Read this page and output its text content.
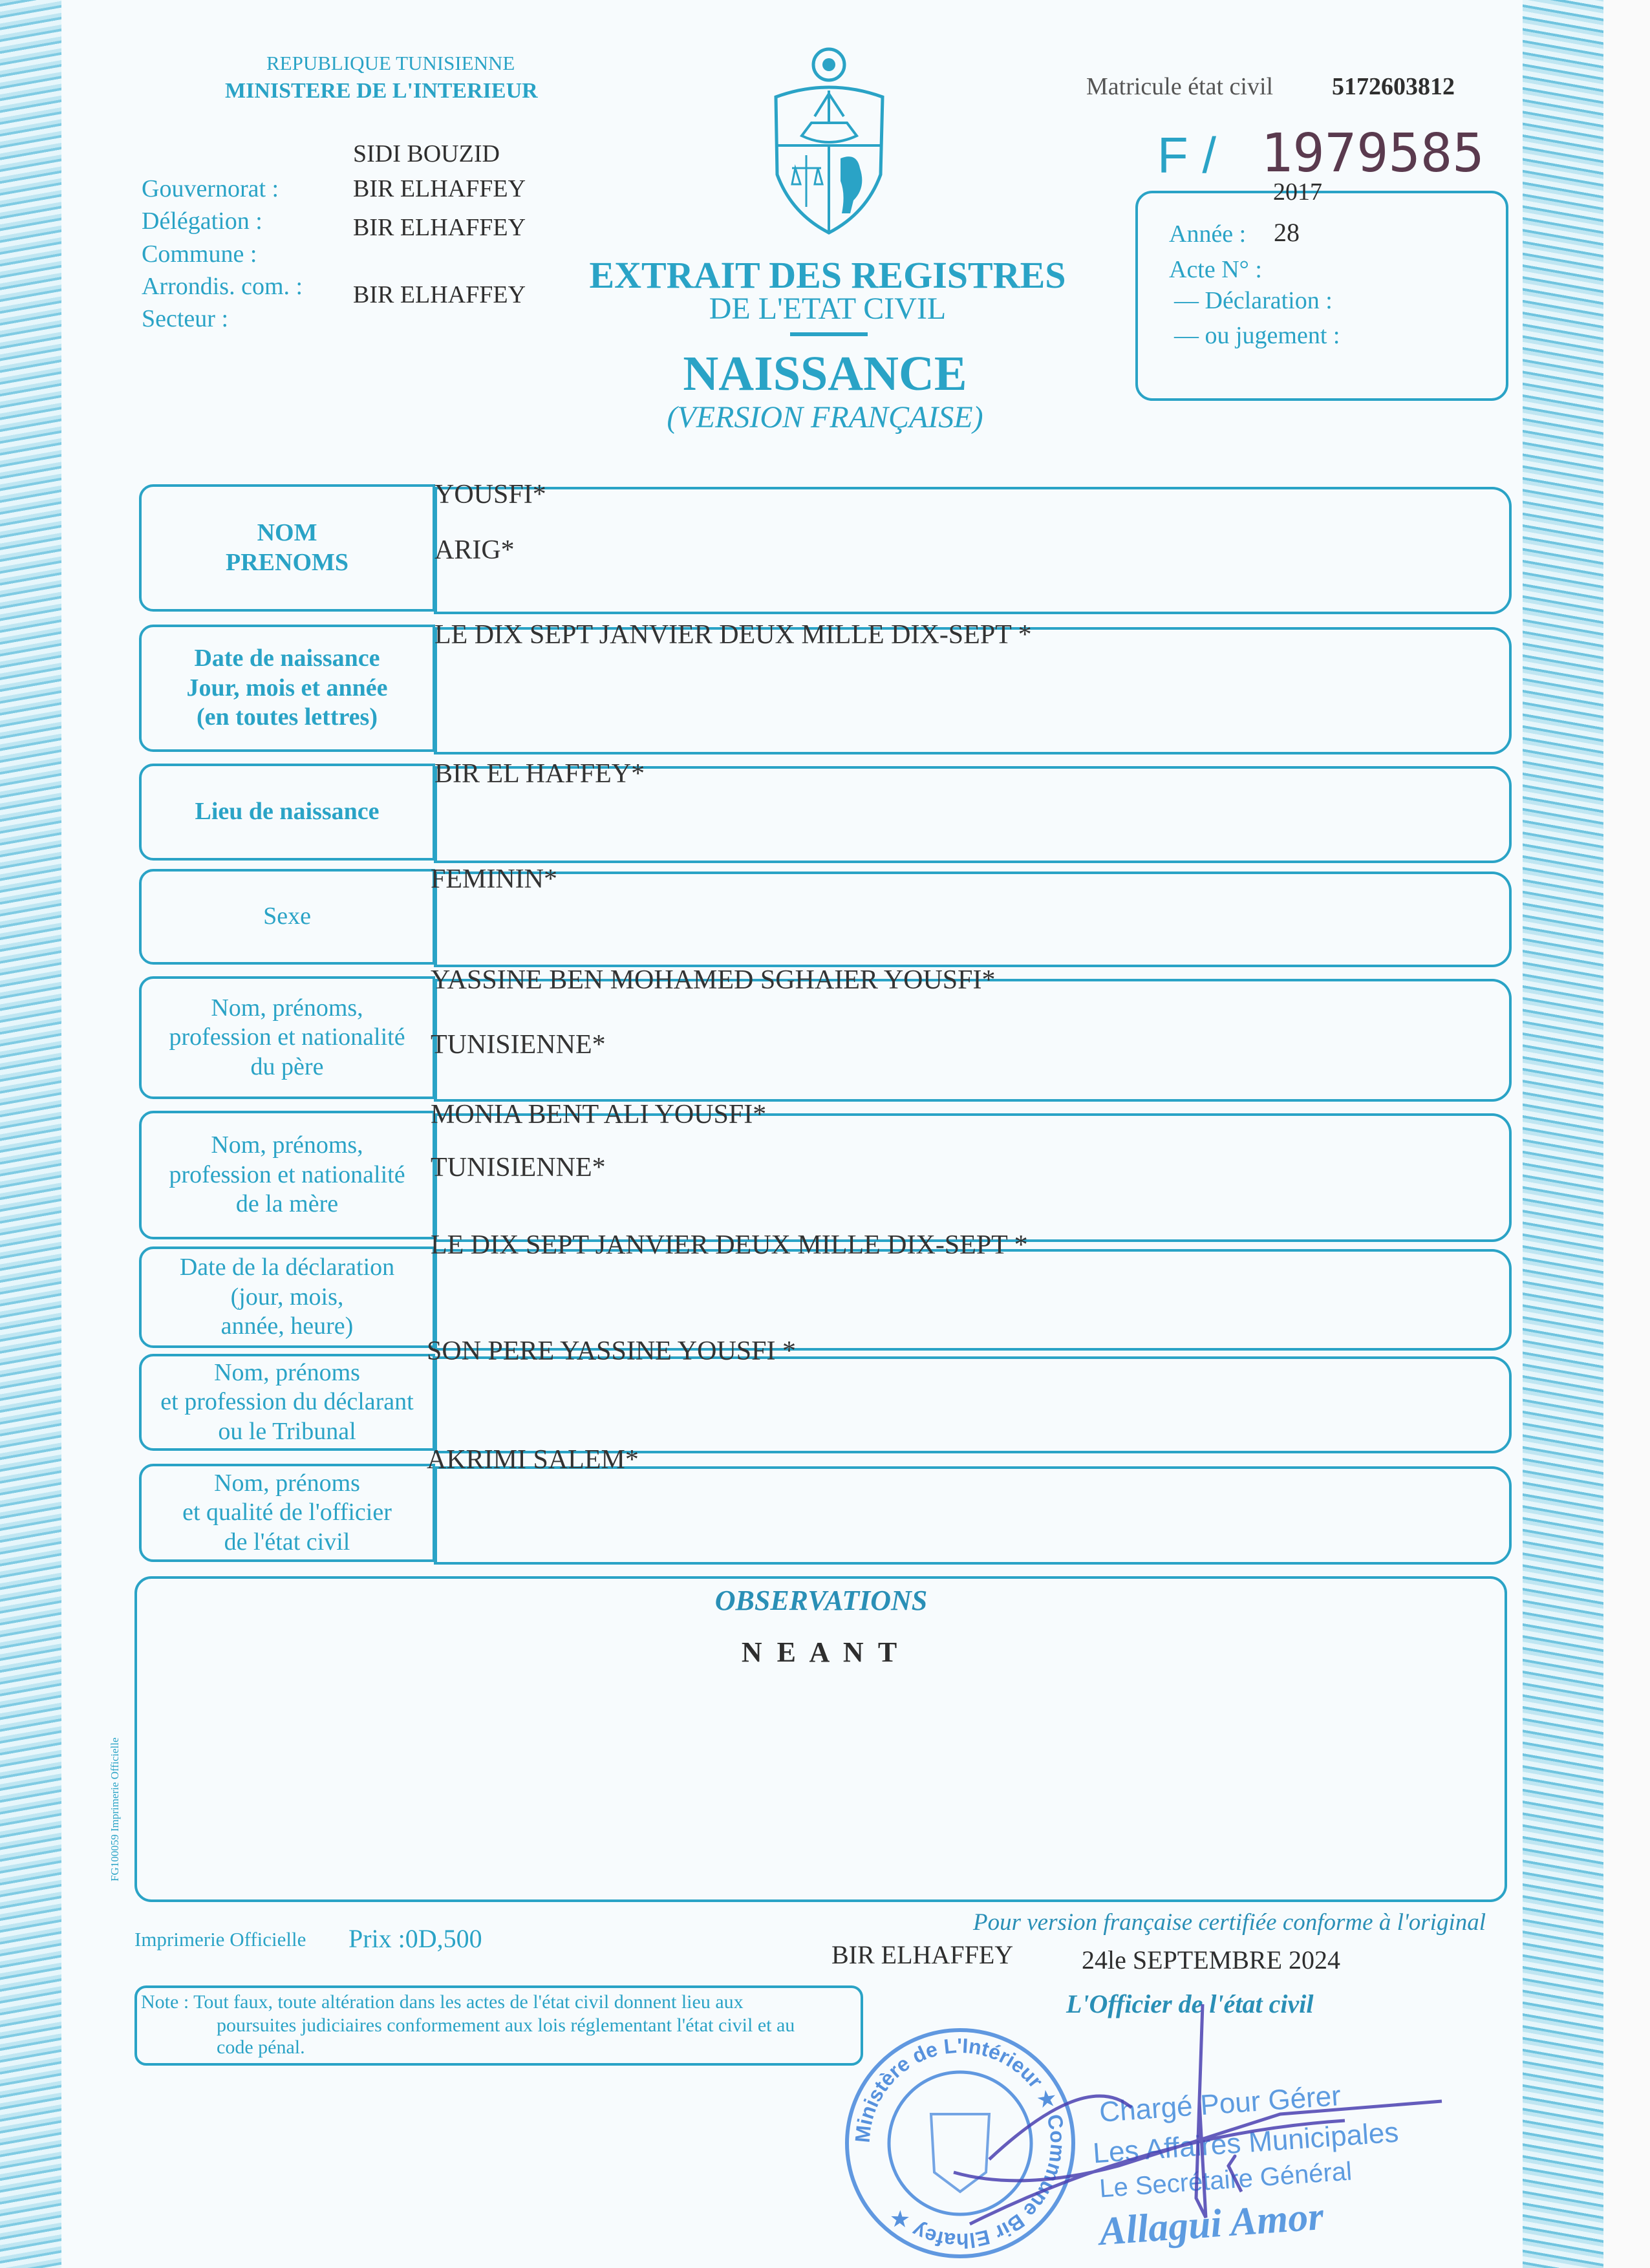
REPUBLIQUE TUNISIENNE
MINISTERE DE L'INTERIEUR
Gouvernorat :
Délégation :
Commune :
Arrondis. com. :
Secteur :
SIDI BOUZID
BIR ELHAFFEY
BIR ELHAFFEY
BIR ELHAFFEY	EXTRAIT DES REGISTRES
DE L'ETAT CIVIL
NAISSANCE
(VERSION FRANÇAISE)
Matricule état civil 5172603812
F / 1979585
2017
Année : 28
Acte N° :
— Déclaration :
— ou jugement :
NOM
PRENOMS
YOUSFI*
ARIG*
Date de naissance
Jour, mois et année
(en toutes lettres)
LE DIX SEPT JANVIER DEUX MILLE DIX-SEPT *
Lieu de naissance
BIR EL HAFFEY*
Sexe
FEMININ*
Nom, prénoms,
profession et nationalité
du père
YASSINE BEN MOHAMED SGHAIER YOUSFI*
TUNISIENNE*
Nom, prénoms,
profession et nationalité
de la mère
MONIA BENT ALI YOUSFI*
TUNISIENNE*
Date de la déclaration
(jour, mois,
année, heure)
LE DIX SEPT JANVIER DEUX MILLE DIX-SEPT *
Nom, prénoms
et profession du déclarant
ou le Tribunal
SON PERE YASSINE YOUSFI *
Nom, prénoms
et qualité de l'officier
de l'état civil
AKRIMI SALEM*
OBSERVATIONS
N E A N T
FG100059 Imprimerie Officielle
Imprimerie Officielle Prix :0D,500
Pour version française certifiée conforme à l'original
BIR ELHAFFEY	24le SEPTEMBRE 2024
L'Officier de l'état civil
Note : Tout faux, toute altération dans les actes de l'état civil donnent lieu aux
poursuites judiciaires conformement aux lois réglementant l'état civil et au
code pénal.
Ministère de L'Intérieur ★ Commune Bir Elhafey ★
Chargé Pour Gérer
Les Affaires Municipales
Le Secrétaire Général
Allagui Amor
